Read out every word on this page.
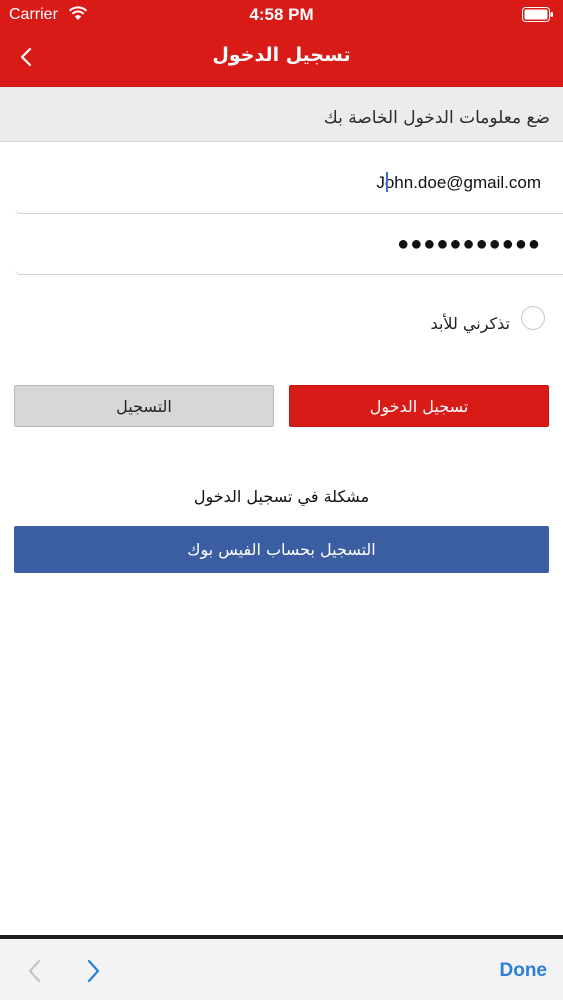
Carrier	4:58 PM
تسجيل الدخول
ضع معلومات الدخول الخاصة بك
John.doe@gmail.com
●●●●●●●●●●●
تذكرني للأبد
تسجيل الدخول
التسجيل
مشكلة في تسجيل الدخول
التسجيل بحساب الفيس بوك
Done
